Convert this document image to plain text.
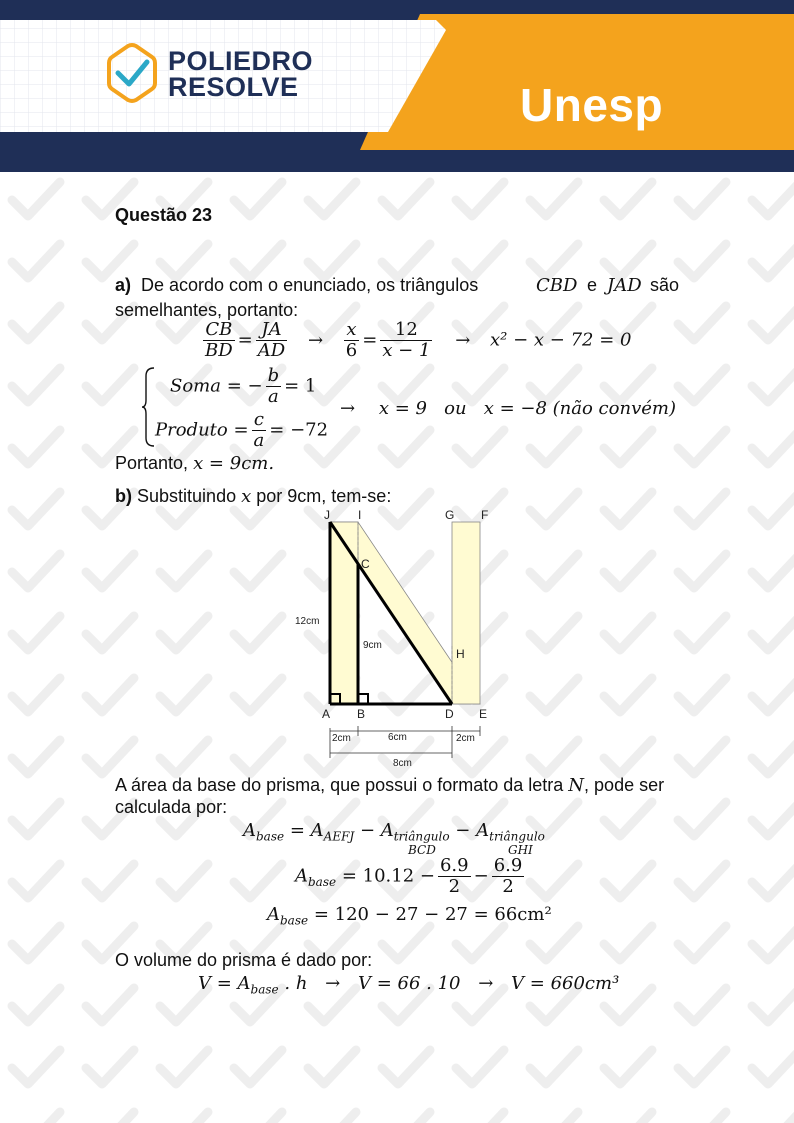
POLIEDRO
RESOLVE	Unesp
Questão 23
a) De acordo com o enunciado, os triângulos	CBD e JAD são
semelhantes, portanto:
$\frac{CB}{BD} = \frac{JA}{AD} \to \frac{x}{6} = \frac{12}{x - 1} \to x^2 - x - 72 = 0$
Soma = − $\frac{b}{a} = 1$
Produto = $\frac{c}{a} = -72$
→ x = 9   ou   x = −8 (não convém)
Portanto, x = 9cm.
b) Substituindo x por 9cm, tem-se:
J I	G F
C
H
A B	D E
12cm
9cm
2cm	6cm	2cm
8cm
A área da base do prisma, que possui o formato da letra N, pode ser
calculada por:
$A_{base} = A_{AEFJ} - A_{triângulo} - A_{triângulo}$
BCD	GHI
$A_{base} = 10.12 - \frac{6.9}{2} - \frac{6.9}{2}$
$A_{base} = 120 - 27 - 27 = 66cm^2$
O volume do prisma é dado por:
$V = A_{base}$ . h → V = 66 . 10 → V = 660cm³
